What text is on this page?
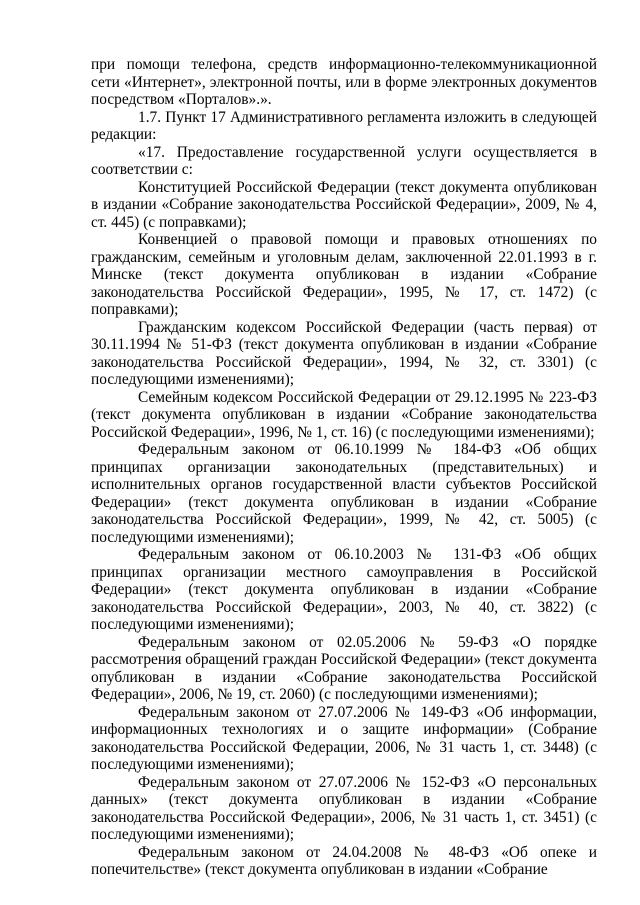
при помощи телефона, средств информационно-телекоммуникационной сети «Интернет», электронной почты, или в форме электронных документов посредством «Порталов».».

1.7. Пункт 17 Административного регламента изложить в следующей редакции:

«17. Предоставление государственной услуги осуществляется в соответствии с:

Конституцией Российской Федерации (текст документа опубликован в издании «Собрание законодательства Российской Федерации», 2009, № 4, ст. 445) (с поправками);

Конвенцией о правовой помощи и правовых отношениях по гражданским, семейным и уголовным делам, заключенной 22.01.1993 в г. Минске (текст документа опубликован в издании «Собрание законодательства Российской Федерации», 1995, № 17, ст. 1472) (с поправками);

Гражданским кодексом Российской Федерации (часть первая) от 30.11.1994 № 51-ФЗ (текст документа опубликован в издании «Собрание законодательства Российской Федерации», 1994, № 32, ст. 3301) (с последующими изменениями);

Семейным кодексом Российской Федерации от 29.12.1995 № 223-ФЗ (текст документа опубликован в издании «Собрание законодательства Российской Федерации», 1996, № 1, ст. 16) (с последующими изменениями);

Федеральным законом от 06.10.1999 № 184-ФЗ «Об общих принципах организации законодательных (представительных) и исполнительных органов государственной власти субъектов Российской Федерации» (текст документа опубликован в издании «Собрание законодательства Российской Федерации», 1999, № 42, ст. 5005) (с последующими изменениями);

Федеральным законом от 06.10.2003 № 131-ФЗ «Об общих принципах организации местного самоуправления в Российской Федерации» (текст документа опубликован в издании «Собрание законодательства Российской Федерации», 2003, № 40, ст. 3822) (с последующими изменениями);

Федеральным законом от 02.05.2006 № 59-ФЗ «О порядке рассмотрения обращений граждан Российской Федерации» (текст документа опубликован в издании «Собрание законодательства Российской Федерации», 2006, № 19, ст. 2060) (с последующими изменениями);

Федеральным законом от 27.07.2006 № 149-ФЗ «Об информации, информационных технологиях и о защите информации» (Собрание законодательства Российской Федерации, 2006, № 31 часть 1, ст. 3448) (с последующими изменениями);

Федеральным законом от 27.07.2006 № 152-ФЗ «О персональных данных» (текст документа опубликован в издании «Собрание законодательства Российской Федерации», 2006, № 31 часть 1, ст. 3451) (с последующими изменениями);

Федеральным законом от 24.04.2008 № 48-ФЗ «Об опеке и попечительстве» (текст документа опубликован в издании «Собрание
